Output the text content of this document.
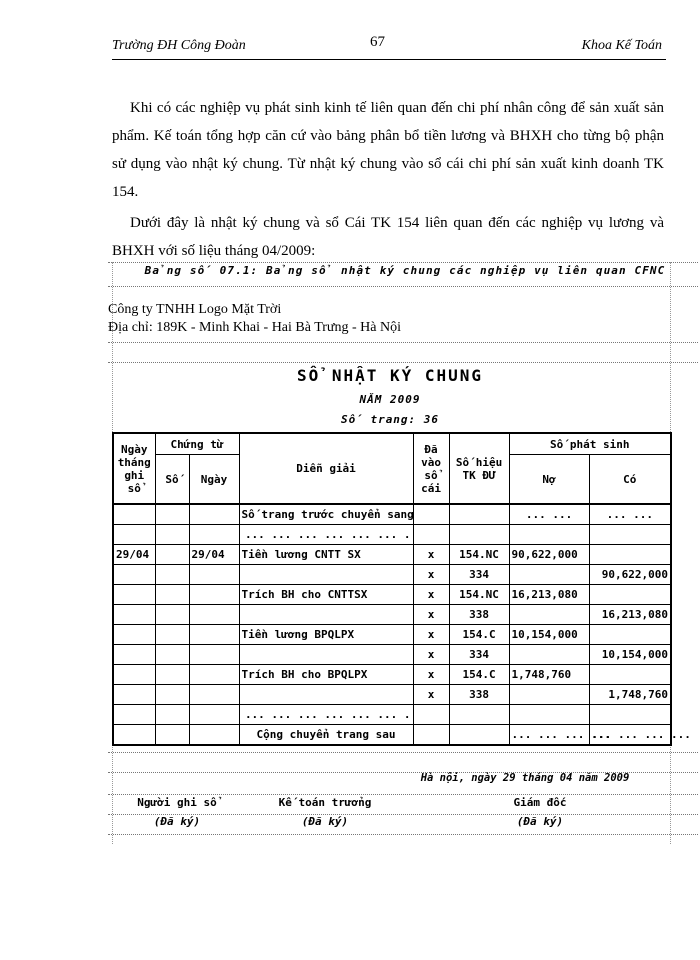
Trường ĐH Công Đoàn	67	Khoa Kế Toán

Khi có các nghiệp vụ phát sinh kinh tế liên quan đến chi phí nhân công để sản xuất sản phẩm. Kế toán tổng hợp căn cứ vào bảng phân bổ tiền lương và BHXH cho từng bộ phận sử dụng vào nhật ký chung. Từ nhật ký chung vào sổ cái chi phí sản xuất kinh doanh TK 154.

Dưới đây là nhật ký chung và sổ Cái TK 154 liên quan đến các nghiệp vụ lương và BHXH với số liệu tháng 04/2009:

Bảng số 07.1: Bảng sổ nhật ký chung các nghiệp vụ liên quan CFNC
Công ty TNHH Logo Mặt Trời
Địa chỉ: 189K - Minh Khai - Hai Bà Trưng - Hà Nội
SỔ NHẬT KÝ CHUNG
NĂM 2009
Số trang: 36
Ngày tháng ghi sổ	Chứng từ		Diễn giải	Đã vào sổ cái	Số hiệu TK ĐƯ	Số phát sinh	
	Số	Ngày				Nợ	Có
			Số trang trước chuyển sang			... ...	... ...
			... ... ... ... ... ... .				
29/04		29/04	Tiền lương CNTT SX	x	154.NC	90,622,000	
				x	334		90,622,000
			Trích BH cho CNTTSX	x	154.NC	16,213,080	
				x	338		16,213,080
			Tiền lương BPQLPX	x	154.C	10,154,000	
				x	334		10,154,000
			Trích BH cho BPQLPX	x	154.C	1,748,760	
				x	338		1,748,760
			... ... ... ... ... ... .				
			Cộng chuyển trang sau			... ... ... ...	... ... ... ...
Hà nội, ngày 29 tháng 04 năm 2009
Người ghi sổ
(Đã ký)
Kế toán trưởng
(Đã ký)
Giám đốc
(Đã ký)
